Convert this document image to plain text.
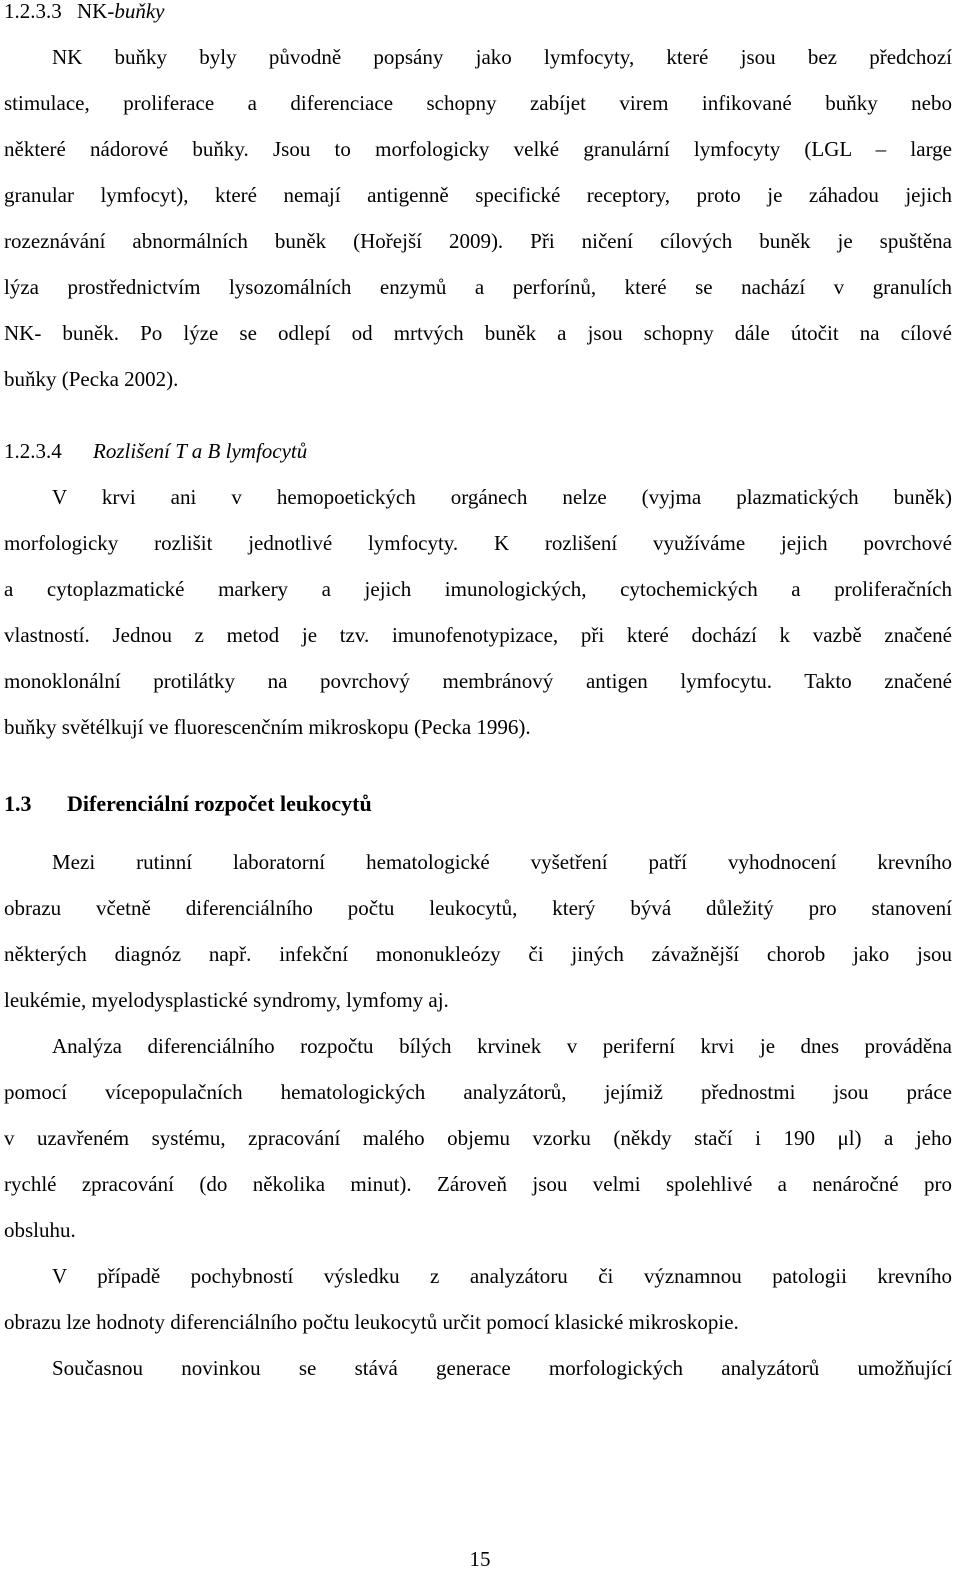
1.2.3.3 NK-buňky
NK buňky byly původně popsány jako lymfocyty, které jsou bez předchozí
stimulace, proliferace a diferenciace schopny zabíjet virem infikované buňky nebo
některé nádorové buňky. Jsou to morfologicky velké granulární lymfocyty (LGL – large
granular lymfocyt), které nemají antigenně specifické receptory, proto je záhadou jejich
rozeznávání abnormálních buněk (Hořejší 2009). Při ničení cílových buněk je spuštěna
lýza prostřednictvím lysozomálních enzymů a perforínů, které se nachází v granulích
NK- buněk. Po lýze se odlepí od mrtvých buněk a jsou schopny dále útočit na cílové
buňky (Pecka 2002).
1.2.3.4 Rozlišení T a B lymfocytů
V krvi ani v hemopoetických orgánech nelze (vyjma plazmatických buněk)
morfologicky rozlišit jednotlivé lymfocyty. K rozlišení využíváme jejich povrchové
a cytoplazmatické markery a jejich imunologických, cytochemických a proliferačních
vlastností. Jednou z metod je tzv. imunofenotypizace, při které dochází k vazbě značené
monoklonální protilátky na povrchový membránový antigen lymfocytu. Takto značené
buňky světélkují ve fluorescenčním mikroskopu (Pecka 1996).
1.3 Diferenciální rozpočet leukocytů
Mezi rutinní laboratorní hematologické vyšetření patří vyhodnocení krevního
obrazu včetně diferenciálního počtu leukocytů, který bývá důležitý pro stanovení
některých diagnóz např. infekční mononukleózy či jiných závažnější chorob jako jsou
leukémie, myelodysplastické syndromy, lymfomy aj.
Analýza diferenciálního rozpočtu bílých krvinek v periferní krvi je dnes prováděna
pomocí vícepopulačních hematologických analyzátorů, jejímiž přednostmi jsou práce
v uzavřeném systému, zpracování malého objemu vzorku (někdy stačí i 190 μl) a jeho
rychlé zpracování (do několika minut). Zároveň jsou velmi spolehlivé a nenáročné pro
obsluhu.
V případě pochybností výsledku z analyzátoru či významnou patologii krevního
obrazu lze hodnoty diferenciálního počtu leukocytů určit pomocí klasické mikroskopie.
Současnou novinkou se stává generace morfologických analyzátorů umožňující
15
